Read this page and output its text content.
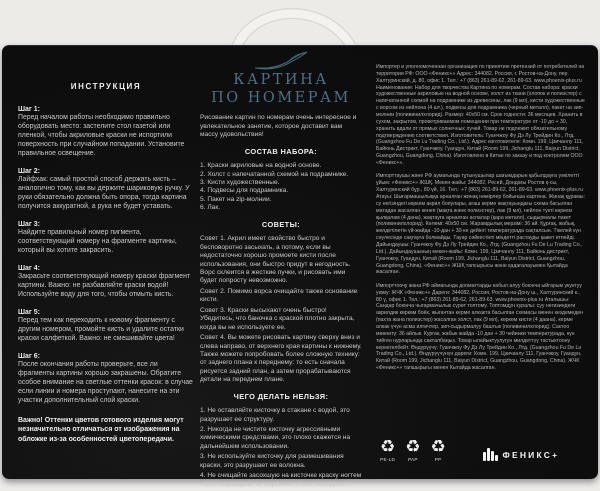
ИНСТРУКЦИЯ
Шаг 1:
Перед началом работы необходимо правильно оборудовать место: застелите стол газетой или пленкой, чтобы акриловые краски не испортили поверхность при случайном попадании. Установите правильное освещение.
Шаг 2:
Лайфхак: самый простой способ держать кисть – аналогично тому, как вы держите шариковую ручку. У руки обязательно должна быть опора, тогда картина получится аккуратной, а рука не будет уставать.
Шаг 3:
Найдите правильный номер пигмента, соответствующий номеру на фрагменте картины, который вы хотите закрасить.
Шаг 4:
Закрасьте соответствующий номеру краски фрагмент картины. Важно: не разбавляйте краски водой! Используйте воду для того, чтобы отмыть кисть.
Шаг 5:
Перед тем как переходить к новому фрагменту с другим номером, промойте кисть и удалите остатки краски салфеткой. Важно: не смешивайте цвета!
Шаг 6:
После окончания работы проверьте, все ли фрагменты картины хорошо закрашены. Обратите особое внимание на светлые оттенки красок: в случае если линии и номера проступают, нанесите на эти участки дополнительный слой краски.
Важно! Оттенки цветов готового изделия могут незначительно отличаться от изображения на обложке из-за особенностей цветопередачи.
КАРТИНА
ПО НОМЕРАМ

Рисование картин по номерам очень интересное и увлекательное занятие, которое доставит вам массу удовольствия!

СОСТАВ НАБОРА:
1. Краски акриловые на водной основе.
2. Холст с напечатанной схемой на подрамнике.
3. Кисти художественные.
4. Подвесы для подрамника.
5. Пакет на zip-молнии.
6. Лак.
СОВЕТЫ:

Совет 1. Акрил имеет свойство быстро и бесповоротно засыхать, а потому, если вы недостаточно хорошо промоете кисти после использования, они быстро придут в негодность. Ворс склеится в жесткие пучки, и рисовать ими будет попросту невозможно.

Совет 2. Помимо ворса очищайте также основание кисти.

Совет 3. Краски высыхают очень быстро! Убедитесь, что баночка с краской плотно закрыта, когда вы не используете ее.

Совет 4. Вы можете рисовать картину сверху вниз и слева направо, от верхнего края картины к нижнему. Также можете попробовать более сложную технику: от заднего плана к переднему: то есть сначала рисуется задний план, а затем прорабатываются детали на переднем плане.

ЧЕГО ДЕЛАТЬ НЕЛЬЗЯ:

1. Не оставляйте кисточку в стакане с водой, это разрушает ее структуру.

2. Никогда не чистите кисточку агрессивными химическими средствами, это плохо скажется на дальнейшем использовании.

3. Не используйте кисточку для размешивания краски, это разрушает ее волокна.

4. Не счищайте засохшую на кисточке краску ногтем – это повреждает ее ворсинки, и они выпадают.

Импортер и уполномоченная организация по принятию претензий от потребителей на территории РФ: ООО «Феникс+» Адрес: 344082, Россия, г. Ростов-на-Дону, пер. Халтуринский, д. 80, офис 1. Тел.: +7 (863) 261-89-62, 261-89-63. www.phoenix-plus.ru Наименование: Набор для творчества Картина по номерам. Состав набора: краски художественные акриловые на водной основе, холст из ткани (хлопок и полиэстер) с напечатанной схемой на подрамнике из древесины, лак (9 мл), кисти художественные с ворсом из нейлона (4 шт.), подвесы для подрамника (черный металл), пакет на зип-молнии (поливинилхлорид). Размер: 40х50 см. Срок годности: 36 месяцев. Хранить в сухом, закрытом, проветриваемом помещении при температуре от -10 до + 30, хранить вдали от прямых солнечных лучей. Товар не подлежит обязательному подтверждению соответствия. Изготовитель: Гуанчжоу Фу Дэ Лу Трейдин Ко., Лтд. (Guangzhou Fu De Lu Trading Co., Ltd.). Адрес изготовителя: Комн. 199, Цзичанлу 111, Байюнь Дистрикт, Гуанчжоу, Гуандун, Китай (Room 199, Jichanglu 111, Baiyun District, Guangzhou, Guangdong, China). Изготовлено в Китае по заказу и под контролем ООО «Феникс+».

Импорттаушы және РФ аумағында тұтынушылар шағымдарын қабылдауға уәкілетті ұйым: «Феникс+» ЖШҚ. Мекен-жайы: 344082, Ресей, Дондағы Ростов қ-сы, Халтуринский бұр., 80 үй, 16. Тел.: +7 (863) 261-89-62, 261-89-63. www.phoenix-plus.ru Атауы: Шығармашылыққа арналған жинақ нөмірлер бойынша картина. Жинақ құрамы: су негізіндегі көркем акрил бояулары, ағаш керме жақтауындағы схема басылған матадан жасалған кенеп (мақта және полиэстер), лак (9 мл), нейлон түкті көркем қылқалам (4 дана), жақтауға арналған аспалар (қара металл), сыдырмалы пакет (поливинилхлорид). Көлемі: 40х50 см. Жарамдылық мерзімі: 36 ай. Құрғақ, жабық, желдетілетін үй-жайда -10-дан + 30-ке дейінгі температурада сақталсын. Тікелей күн сәулесінде сақтауға болмайды. Тауар сәйкестікті міндетті растауды қажет етпейді. Дайындаушы: Гуанчжоу Фу Дэ Лу Трейдин Ко., Лтд. (Guangzhou Fu De Lu Trading Co., Ltd.). Дайындаушының мекен-жайы: Комн. 199, Цзичанлу 111, Байюнь дистрикт, Гуанчжоу, Гуандун, Китай (Room 199, Jichanglu 111, Baiyun District, Guangzhou, Guangdong, China). «Феникс+» ЖШҚ тапсырысы және қадағалауымен Қытайда жасалған.

Импорттоочу жана РФ аймагында дооматтарды кабыл алуу боюнча ыйгарым укуктуу уюму: ЖЧК «Феникс+» Дареги: 344082, Россия, Ростов-на-Дону ш., Халтуринский к., 80 ү, офис 1. Тел.: +7 (863) 261-89-62, 261-89-63. www.phoenix-plus.ru Аталышы: Сандар боюнча чыгармачылык сүрөт топтому. Топтомдун куралы: суу негизиндеги акрилдик көркөм боёк, жыгачтан керме алкакта басылган схемасы менен кездемеден (пахта жана полиэстер) жасалган холст, лак (9 мл), көркөм кисти (4 даана), керме алкак үчүн асма илгичтер, зип-сыдырмалуу баштык (поливинилхлорид). Сактоо мөөнөтү: 36 айлык. Кургак, жабык жайда -10 дан + 30 чейинки температурада, күн тийген нурларында сакталбаңыз. Товар ылайыктуулугун милдеттүү тастыктоону керектелбейт. Өндүрүүчү: Гуанчжоу Фу Дэ Лу Трейдин Ко., Лтд. (Guangzhou Fu De Lu Trading Co., Ltd.). Өндүрүүчүнүн дареги: Комн. 199, Цзичанлу 111, Гуанчжоу, Гуандун, Китай (Room 199, Jichanglu 111, Baiyun District, Guangzhou, Guangdong, China). ЖЧК «Феникс+» тапшырыгы менен Кытайда жасалган.

♻
PE-LD
♻
PAP
♻
PP	ФЕНИКС+
